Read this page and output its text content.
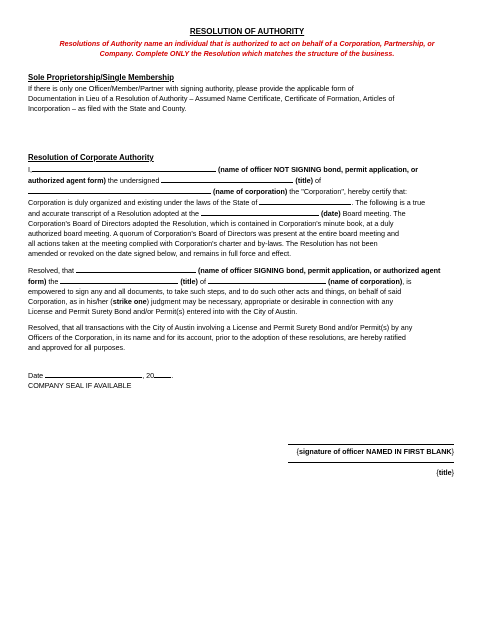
RESOLUTION OF AUTHORITY
Resolutions of Authority name an individual that is authorized to act on behalf of a Corporation, Partnership, or
Company. Complete ONLY the Resolution which matches the structure of the business.
Sole Proprietorship/Single Membership
If there is only one Officer/Member/Partner with signing authority, please provide the applicable form of
Documentation in Lieu of a Resolution of Authority – Assumed Name Certificate, Certificate of Formation, Articles of
Incorporation – as filed with the State and County.
Resolution of Corporate Authority
I,	(name of officer NOT SIGNING bond, permit application, or
authorized agent form) the undersigned	(title) of
(name of corporation) the "Corporation", hereby certify that:
Corporation is duly organized and existing under the laws of the State of	. The following is a true
and accurate transcript of a Resolution adopted at the	(date) Board meeting. The
Corporation's Board of Directors adopted the Resolution, which is contained in Corporation's minute book, at a duly
authorized board meeting. A quorum of Corporation's Board of Directors was present at the entire board meeting and
all actions taken at the meeting complied with Corporation's charter and by-laws. The Resolution has not been
amended or revoked on the date signed below, and remains in full force and effect.
Resolved, that	(name of officer SIGNING bond, permit application, or authorized agent
form) the	(title) of	(name of corporation), is
empowered to sign any and all documents, to take such steps, and to do such other acts and things, on behalf of said
Corporation, as in his/her (strike one) judgment may be necessary, appropriate or desirable in connection with any
License and Permit Surety Bond and/or Permit(s) entered into with the City of Austin.
Resolved, that all transactions with the City of Austin involving a License and Permit Surety Bond and/or Permit(s) by any
Officers of the Corporation, in its name and for its account, prior to the adoption of these resolutions, are hereby ratified
and approved for all purposes.
Date	, 20 .
COMPANY SEAL IF AVAILABLE
{signature of officer NAMED IN FIRST BLANK}
{title}
